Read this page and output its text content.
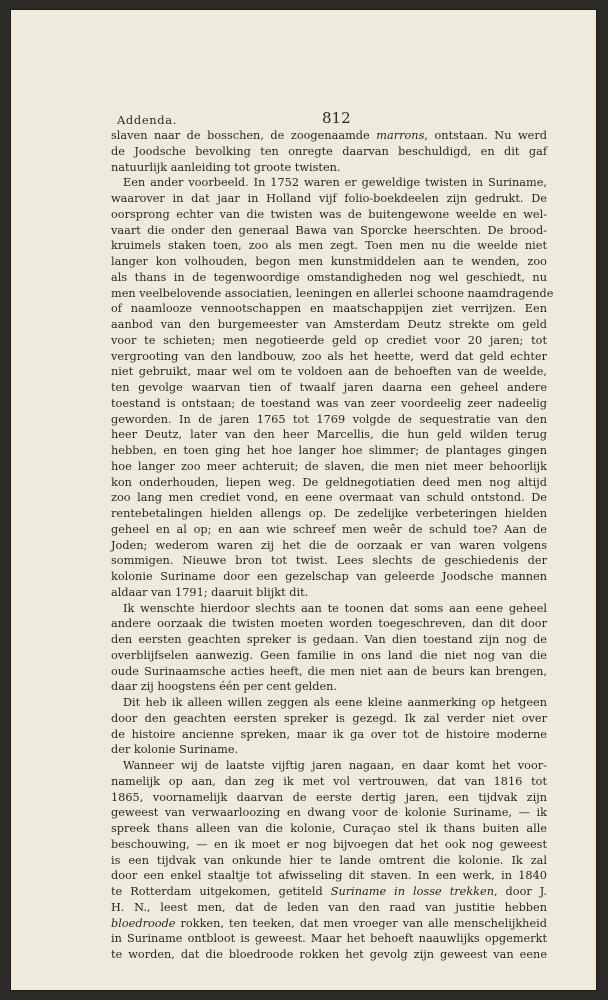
Addenda.	812
slaven naar de bosschen, de zoogenaamde marrons, ontstaan. Nu werd
de Joodsche bevolking ten onregte daarvan beschuldigd, en dit gaf
natuurlijk aanleiding tot groote twisten.
Een ander voorbeeld. In 1752 waren er geweldige twisten in Suriname,
waarover in dat jaar in Holland vijf folio-boekdeelen zijn gedrukt. De
oorsprong echter van die twisten was de buitengewone weelde en wel-
vaart die onder den generaal Bawa van Sporcke heerschten. De brood-
kruimels staken toen, zoo als men zegt. Toen men nu die weelde niet
langer kon volhouden, begon men kunstmiddelen aan te wenden, zoo
als thans in de tegenwoordige omstandigheden nog wel geschiedt, nu
men veelbelovende associatien, leeningen en allerlei schoone naamdragende
of naamlooze vennootschappen en maatschappijen ziet verrijzen. Een
aanbod van den burgemeester van Amsterdam Deutz strekte om geld
voor te schieten; men negotieerde geld op crediet voor 20 jaren; tot
vergrooting van den landbouw, zoo als het heette, werd dat geld echter
niet gebruikt, maar wel om te voldoen aan de behoeften van de weelde,
ten gevolge waarvan tien of twaalf jaren daarna een geheel andere
toestand is ontstaan; de toestand was van zeer voordeelig zeer nadeelig
geworden. In de jaren 1765 tot 1769 volgde de sequestratie van den
heer Deutz, later van den heer Marcellis, die hun geld wilden terug
hebben, en toen ging het hoe langer hoe slimmer; de plantages gingen
hoe langer zoo meer achteruit; de slaven, die men niet meer behoorlijk
kon onderhouden, liepen weg. De geldnegotiatien deed men nog altijd
zoo lang men crediet vond, en eene overmaat van schuld ontstond. De
rentebetalingen hielden allengs op. De zedelijke verbeteringen hielden
geheel en al op; en aan wie schreef men weêr de schuld toe? Aan de
Joden; wederom waren zij het die de oorzaak er van waren volgens
sommigen. Nieuwe bron tot twist. Lees slechts de geschiedenis der
kolonie Suriname door een gezelschap van geleerde Joodsche mannen
aldaar van 1791; daaruit blijkt dit.
Ik wenschte hierdoor slechts aan te toonen dat soms aan eene geheel
andere oorzaak die twisten moeten worden toegeschreven, dan dit door
den eersten geachten spreker is gedaan. Van dien toestand zijn nog de
overblijfselen aanwezig. Geen familie in ons land die niet nog van die
oude Surinaamsche acties heeft, die men niet aan de beurs kan brengen,
daar zij hoogstens één per cent gelden.
Dit heb ik alleen willen zeggen als eene kleine aanmerking op hetgeen
door den geachten eersten spreker is gezegd. Ik zal verder niet over
de histoire ancienne spreken, maar ik ga over tot de histoire moderne
der kolonie Suriname.
Wanneer wij de laatste vijftig jaren nagaan, en daar komt het voor-
namelijk op aan, dan zeg ik met vol vertrouwen, dat van 1816 tot
1865, voornamelijk daarvan de eerste dertig jaren, een tijdvak zijn
geweest van verwaarloozing en dwang voor de kolonie Suriname, — ik
spreek thans alleen van die kolonie, Curaçao stel ik thans buiten alle
beschouwing, — en ik moet er nog bijvoegen dat het ook nog geweest
is een tijdvak van onkunde hier te lande omtrent die kolonie. Ik zal
door een enkel staaltje tot afwisseling dit staven. In een werk, in 1840
te Rotterdam uitgekomen, getiteld Suriname in losse trekken, door J.
H. N., leest men, dat de leden van den raad van justitie hebben
bloedroode rokken, ten teeken, dat men vroeger van alle menschelijkheid
in Suriname ontbloot is geweest. Maar het behoeft naauwlijks opgemerkt
te worden, dat die bloedroode rokken het gevolg zijn geweest van eene
